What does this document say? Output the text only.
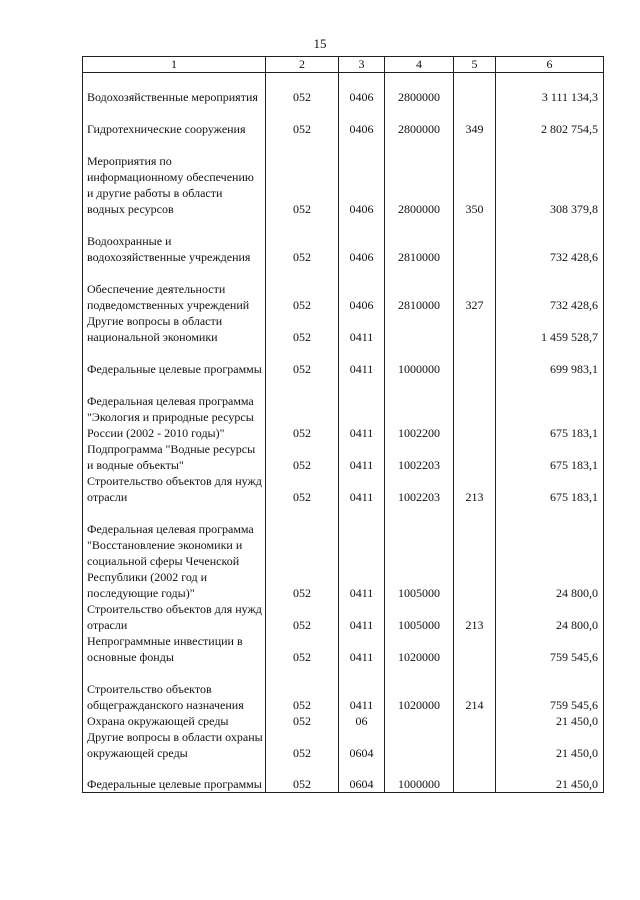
15
1	2	3	4	5	6
Водохозяйственные мероприятия	052	0406	2800000		3 111 134,3
Гидротехнические сооружения	052	0406	2800000	349	2 802 754,5
Мероприятия по информационному обеспечению и другие работы в области водных ресурсов	052	0406	2800000	350	308 379,8
Водоохранные и водохозяйственные учреждения	052	0406	2810000		732 428,6
Обеспечение деятельности подведомственных учреждений	052	0406	2810000	327	732 428,6
Другие вопросы в области национальной экономики	052	0411			1 459 528,7
Федеральные целевые программы	052	0411	1000000		699 983,1
Федеральная целевая программа "Экология и природные ресурсы России (2002 - 2010 годы)"	052	0411	1002200		675 183,1
Подпрограмма "Водные ресурсы и водные объекты"	052	0411	1002203		675 183,1
Строительство объектов для нужд отрасли	052	0411	1002203	213	675 183,1
Федеральная целевая программа "Восстановление экономики и социальной сферы Чеченской Республики (2002 год и последующие годы)"	052	0411	1005000		24 800,0
Строительство объектов для нужд отрасли	052	0411	1005000	213	24 800,0
Непрограммные инвестиции в основные фонды	052	0411	1020000		759 545,6
Строительство объектов общегражданского назначения	052	0411	1020000	214	759 545,6
Охрана окружающей среды	052	06			21 450,0
Другие вопросы в области охраны окружающей среды	052	0604			21 450,0
Федеральные целевые программы	052	0604	1000000		21 450,0
